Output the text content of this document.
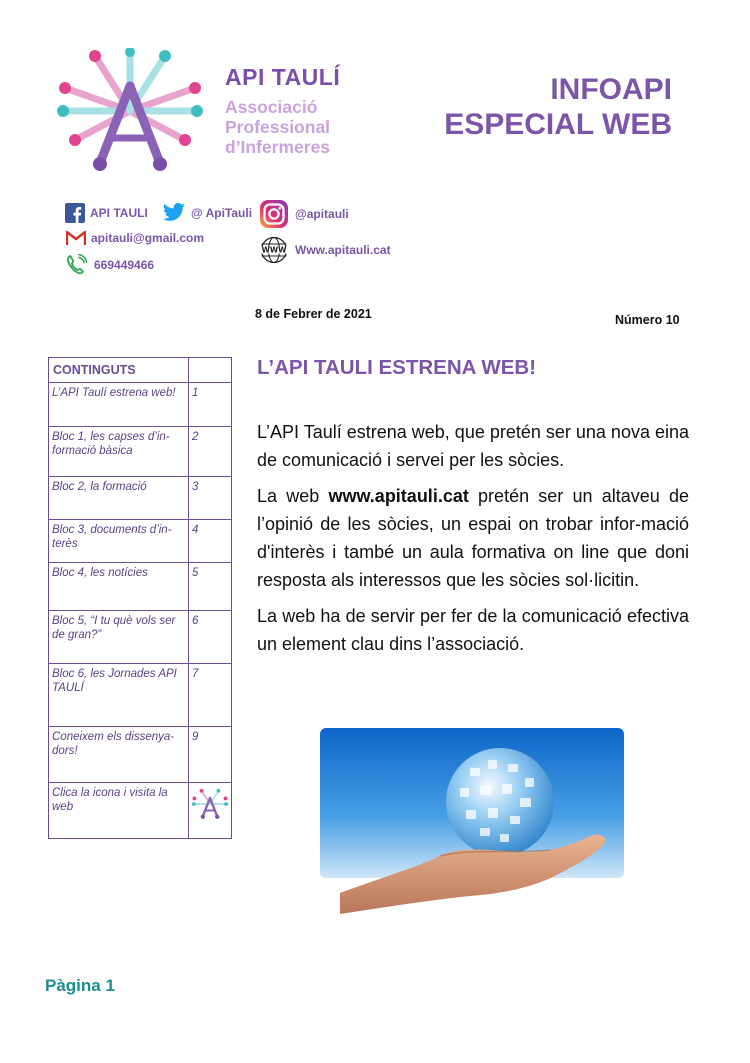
API TAULÍ
Associació
Professional
d’Infermeres
INFOAPI
ESPECIAL WEB
API TAULI	@ ApiTauli	@apitauli
apitauli@gmail.com
WWW Www.apitauli.cat
669449466
8 de Febrer de 2021	Número 10
CONTINGUTS	
L’API Taulí estrena web!	1
Bloc 1, les capses d’in-formació bàsica	2
Bloc 2, la formació	3
Bloc 3, documents d’in-terès	4
Bloc 4, les notícies	5
Bloc 5, “I tu què vols ser de gran?”	6
Bloc 6, les Jornades API TAULÍ	7
Coneixem els dissenya-dors!	9
Clica la icona i visita la web	
L’API TAULI ESTRENA WEB!

L’API Taulí estrena web, que pretén ser una nova eina de comunicació i servei per les sòcies.

La web www.apitauli.cat pretén ser un altaveu de l’opinió de les sòcies, un espai on trobar infor-mació d'interès i també un aula formativa on line que doni resposta als interessos que les sòcies sol·licitin.

La web ha de servir per fer de la comunicació efectiva un element clau dins l’associació.

Pàgina 1
